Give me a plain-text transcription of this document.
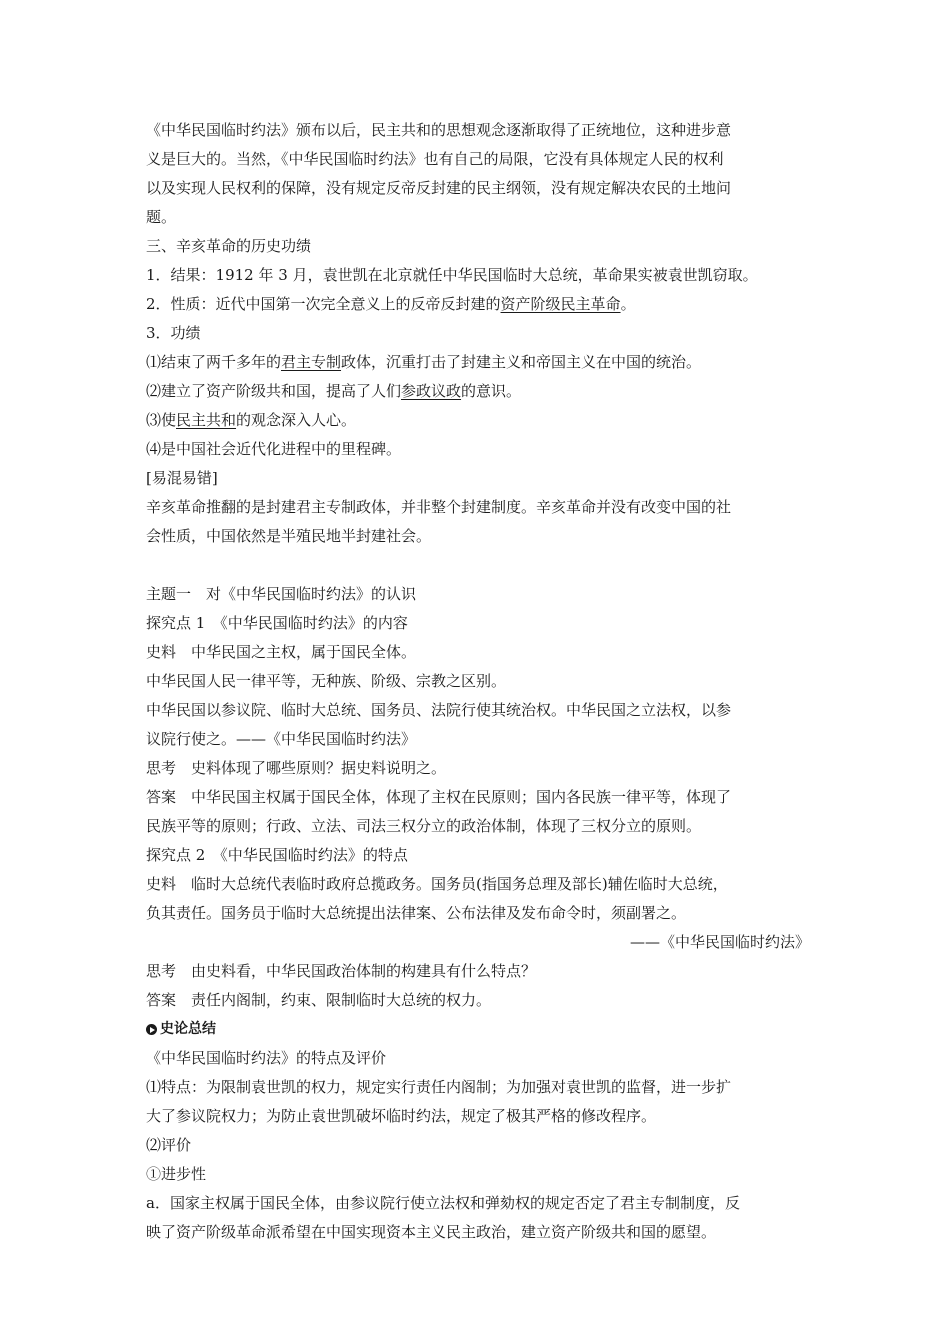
《中华民国临时约法》颁布以后，民主共和的思想观念逐渐取得了正统地位，这种进步意
义是巨大的。当然，《中华民国临时约法》也有自己的局限，它没有具体规定人民的权利
以及实现人民权利的保障，没有规定反帝反封建的民主纲领，没有规定解决农民的土地问
题。
三、辛亥革命的历史功绩
1．结果：1912 年 3 月，袁世凯在北京就任中华民国临时大总统，革命果实被袁世凯窃取。
2．性质：近代中国第一次完全意义上的反帝反封建的资产阶级民主革命。
3．功绩
⑴结束了两千多年的君主专制政体，沉重打击了封建主义和帝国主义在中国的统治。
⑵建立了资产阶级共和国，提高了人们参政议政的意识。
⑶使民主共和的观念深入人心。
⑷是中国社会近代化进程中的里程碑。
[易混易错]
辛亥革命推翻的是封建君主专制政体，并非整个封建制度。辛亥革命并没有改变中国的社
会性质，中国依然是半殖民地半封建社会。
主题一　对《中华民国临时约法》的认识
探究点 1　《中华民国临时约法》的内容
史料　中华民国之主权，属于国民全体。
中华民国人民一律平等，无种族、阶级、宗教之区别。
中华民国以参议院、临时大总统、国务员、法院行使其统治权。中华民国之立法权，以参
议院行使之。——《中华民国临时约法》
思考　史料体现了哪些原则？据史料说明之。
答案　中华民国主权属于国民全体，体现了主权在民原则；国内各民族一律平等，体现了
民族平等的原则；行政、立法、司法三权分立的政治体制，体现了三权分立的原则。
探究点 2　《中华民国临时约法》的特点
史料　临时大总统代表临时政府总揽政务。国务员(指国务总理及部长)辅佐临时大总统，
负其责任。国务员于临时大总统提出法律案、公布法律及发布命令时，须副署之。
——《中华民国临时约法》
思考　由史料看，中华民国政治体制的构建具有什么特点？
答案　责任内阁制，约束、限制临时大总统的权力。
史论总结
《中华民国临时约法》的特点及评价
⑴特点：为限制袁世凯的权力，规定实行责任内阁制；为加强对袁世凯的监督，进一步扩
大了参议院权力；为防止袁世凯破坏临时约法，规定了极其严格的修改程序。
⑵评价
①进步性
a．国家主权属于国民全体，由参议院行使立法权和弹劾权的规定否定了君主专制制度，反
映了资产阶级革命派希望在中国实现资本主义民主政治，建立资产阶级共和国的愿望。
